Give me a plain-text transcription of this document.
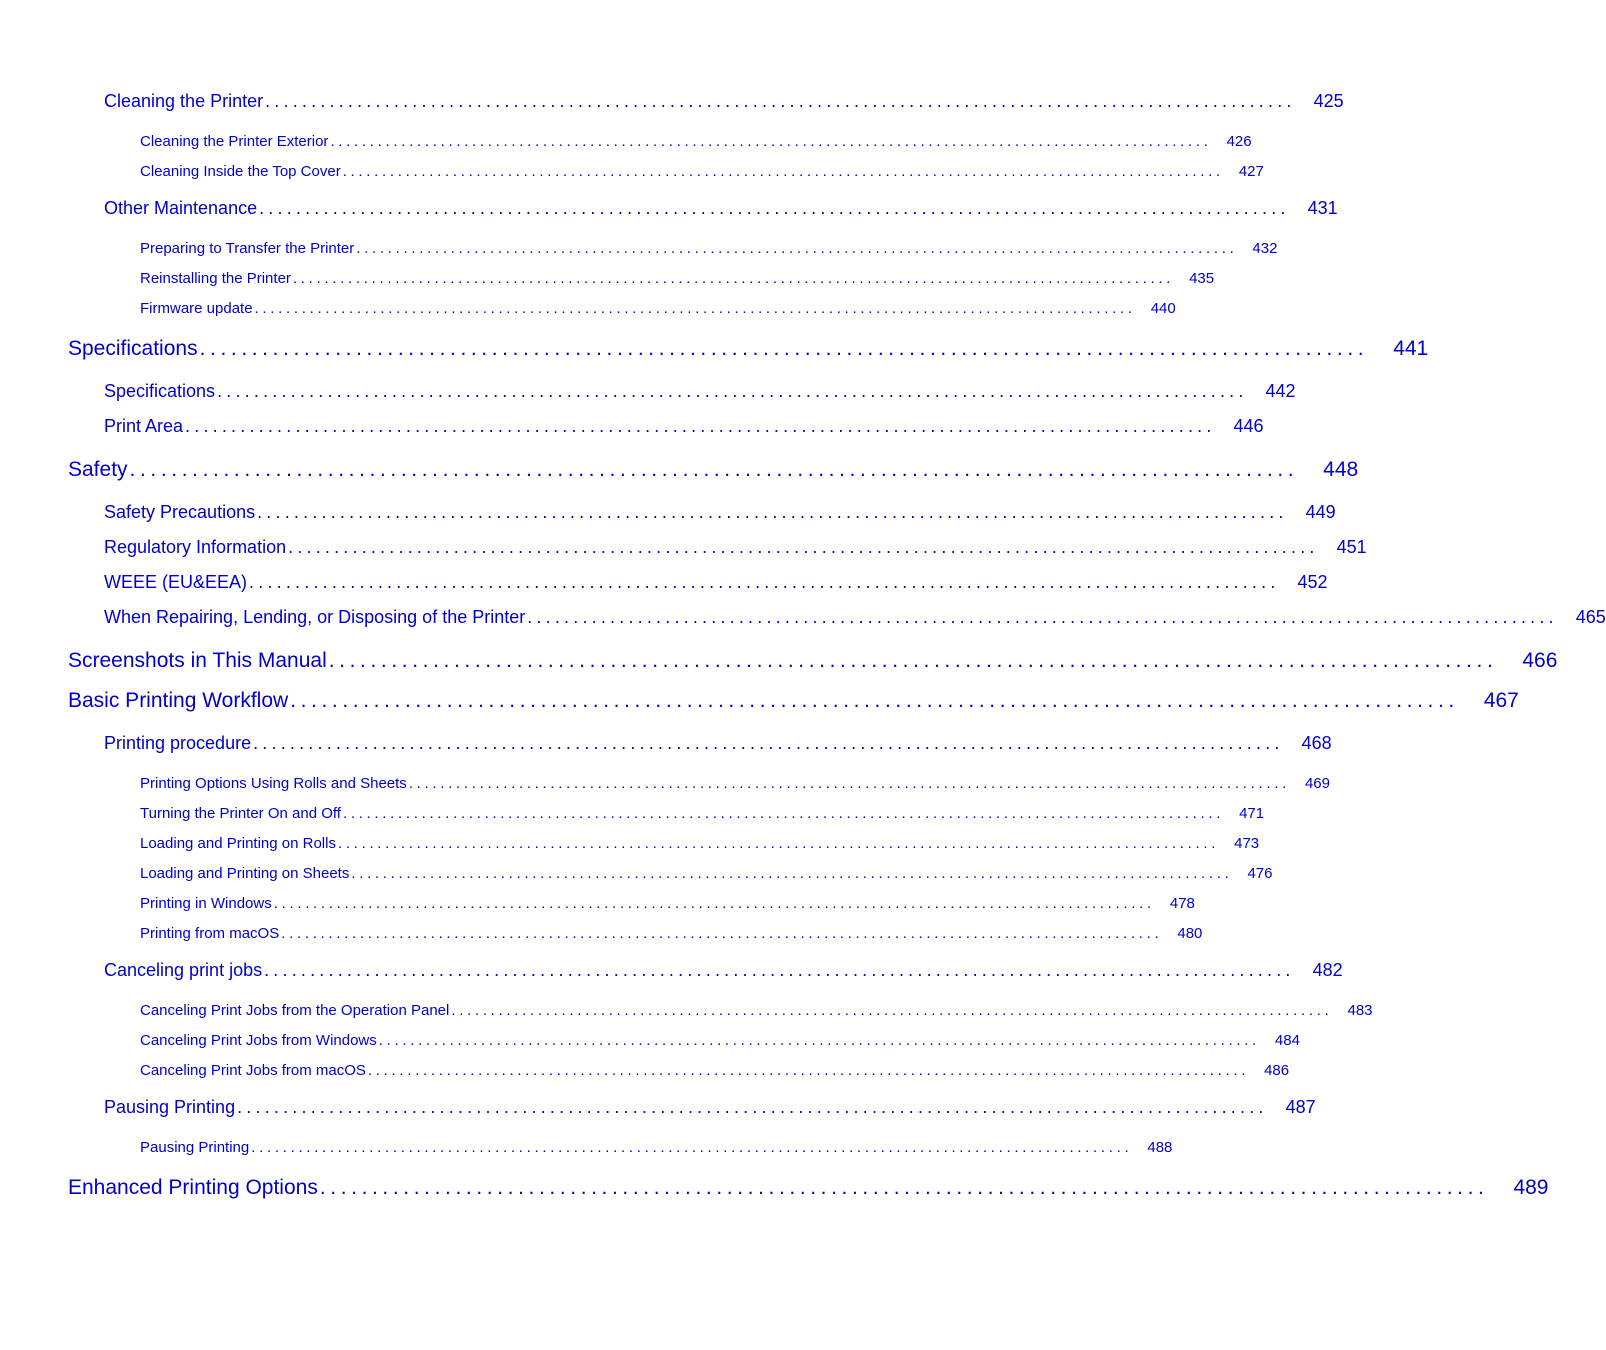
Cleaning the Printer ................................................................................................................ 425
Cleaning the Printer Exterior ................................................................................................................ 426
Cleaning Inside the Top Cover ................................................................................................................ 427
Other Maintenance ................................................................................................................ 431
Preparing to Transfer the Printer ................................................................................................................ 432
Reinstalling the Printer ................................................................................................................ 435
Firmware update ................................................................................................................ 440
Specifications ................................................................................................................	441
Specifications ................................................................................................................ 442
Print Area ................................................................................................................ 446
Safety ................................................................................................................	448
Safety Precautions ................................................................................................................ 449
Regulatory Information ................................................................................................................ 451
WEEE (EU&EEA) ................................................................................................................ 452
When Repairing, Lending, or Disposing of the Printer ................................................................................................................ 465
Screenshots in This Manual ................................................................................................................	466
Basic Printing Workflow ................................................................................................................	467
Printing procedure ................................................................................................................ 468
Printing Options Using Rolls and Sheets ................................................................................................................ 469
Turning the Printer On and Off ................................................................................................................ 471
Loading and Printing on Rolls ................................................................................................................ 473
Loading and Printing on Sheets ................................................................................................................ 476
Printing in Windows ................................................................................................................ 478
Printing from macOS ................................................................................................................ 480
Canceling print jobs ................................................................................................................ 482
Canceling Print Jobs from the Operation Panel ................................................................................................................ 483
Canceling Print Jobs from Windows ................................................................................................................ 484
Canceling Print Jobs from macOS ................................................................................................................ 486
Pausing Printing ................................................................................................................ 487
Pausing Printing ................................................................................................................ 488
Enhanced Printing Options ................................................................................................................	489
